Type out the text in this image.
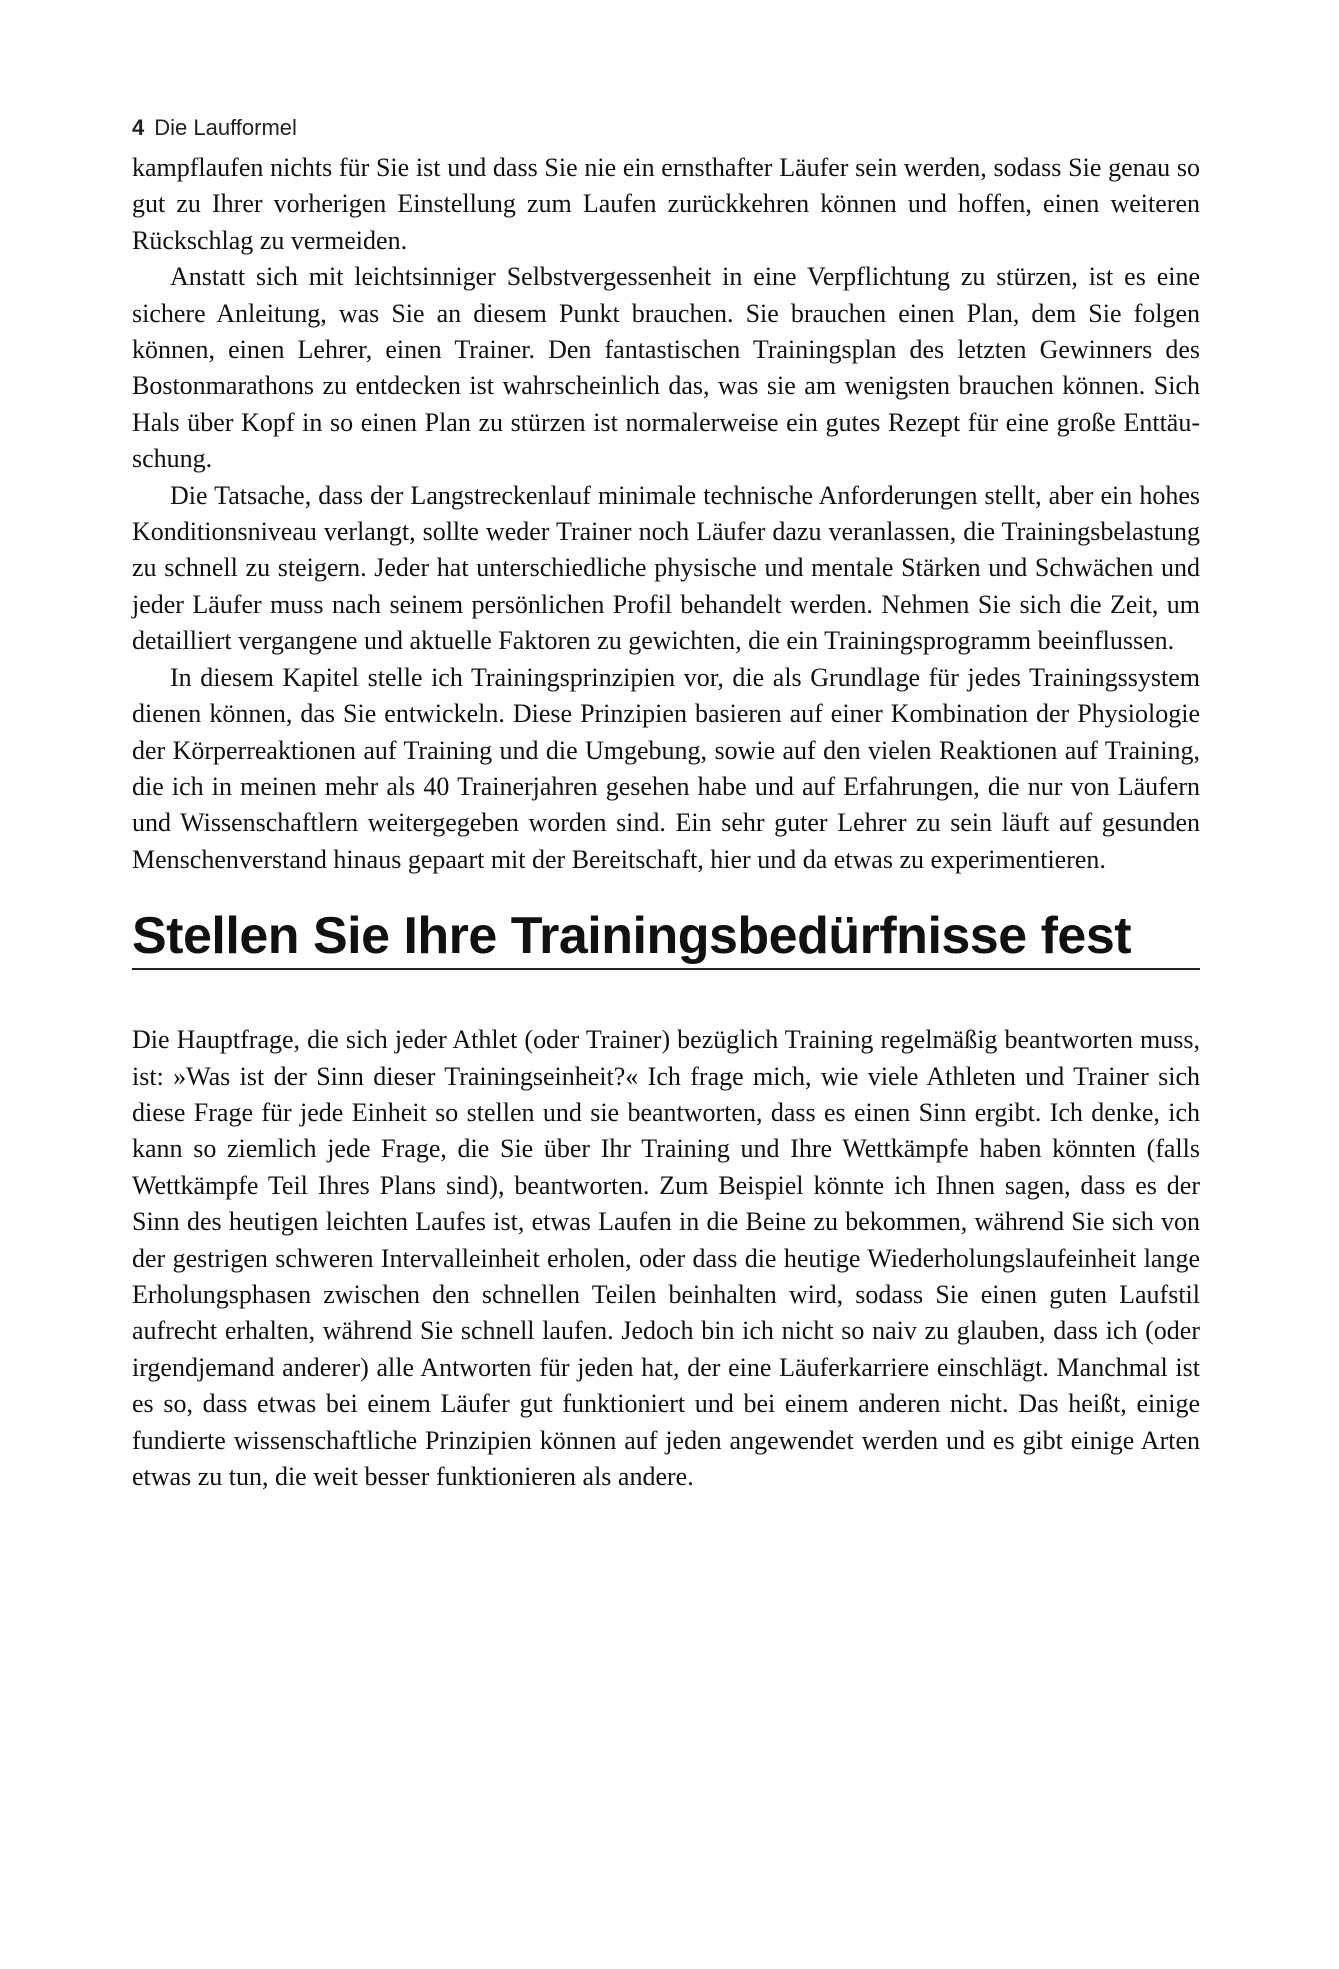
4 Die Laufformel

kampflaufen nichts für Sie ist und dass Sie nie ein ernsthafter Läufer sein werden, sodass Sie genau so gut zu Ihrer vorherigen Einstellung zum Laufen zurückkehren können und hoffen, einen weiteren Rückschlag zu vermeiden.

Anstatt sich mit leichtsinniger Selbstvergessenheit in eine Verpflichtung zu stürzen, ist es eine sichere Anleitung, was Sie an diesem Punkt brauchen. Sie brauchen einen Plan, dem Sie folgen können, einen Lehrer, einen Trainer. Den fantastischen Trainingsplan des letzten Gewinners des Bostonmarathons zu entdecken ist wahrscheinlich das, was sie am wenigsten brauchen können. Sich Hals über Kopf in so einen Plan zu stürzen ist normalerweise ein gutes Rezept für eine große Enttäuschung.

Die Tatsache, dass der Langstreckenlauf minimale technische Anforderungen stellt, aber ein hohes Konditionsniveau verlangt, sollte weder Trainer noch Läufer dazu veranlassen, die Trainingsbelastung zu schnell zu steigern. Jeder hat unterschiedliche physische und mentale Stärken und Schwächen und jeder Läufer muss nach seinem persönlichen Profil behandelt werden. Nehmen Sie sich die Zeit, um detailliert vergangene und aktuelle Faktoren zu gewichten, die ein Trainingsprogramm beeinflussen.

In diesem Kapitel stelle ich Trainingsprinzipien vor, die als Grundlage für jedes Trainingssystem dienen können, das Sie entwickeln. Diese Prinzipien basieren auf einer Kombination der Physiologie der Körperreaktionen auf Training und die Umgebung, sowie auf den vielen Reaktionen auf Training, die ich in meinen mehr als 40 Trainerjahren gesehen habe und auf Erfahrungen, die nur von Läufern und Wissenschaftlern weitergegeben worden sind. Ein sehr guter Lehrer zu sein läuft auf gesunden Menschenverstand hinaus gepaart mit der Bereitschaft, hier und da etwas zu experimentieren.

Stellen Sie Ihre Trainingsbedürfnisse fest

Die Hauptfrage, die sich jeder Athlet (oder Trainer) bezüglich Training regelmäßig beantworten muss, ist: »Was ist der Sinn dieser Trainingseinheit?« Ich frage mich, wie viele Athleten und Trainer sich diese Frage für jede Einheit so stellen und sie beantworten, dass es einen Sinn ergibt. Ich denke, ich kann so ziemlich jede Frage, die Sie über Ihr Training und Ihre Wettkämpfe haben könnten (falls Wettkämpfe Teil Ihres Plans sind), beantworten. Zum Beispiel könnte ich Ihnen sagen, dass es der Sinn des heutigen leichten Laufes ist, etwas Laufen in die Beine zu bekommen, während Sie sich von der gestrigen schweren Intervalleinheit erholen, oder dass die heutige Wiederholungslaufeinheit lange Erholungsphasen zwischen den schnellen Teilen beinhalten wird, sodass Sie einen guten Laufstil aufrecht erhalten, während Sie schnell laufen. Jedoch bin ich nicht so naiv zu glauben, dass ich (oder irgendjemand anderer) alle Antworten für jeden hat, der eine Läuferkarriere einschlägt. Manchmal ist es so, dass etwas bei einem Läufer gut funktioniert und bei einem anderen nicht. Das heißt, einige fundierte wissenschaftliche Prinzipien können auf jeden angewendet werden und es gibt einige Arten etwas zu tun, die weit besser funktionieren als andere.
